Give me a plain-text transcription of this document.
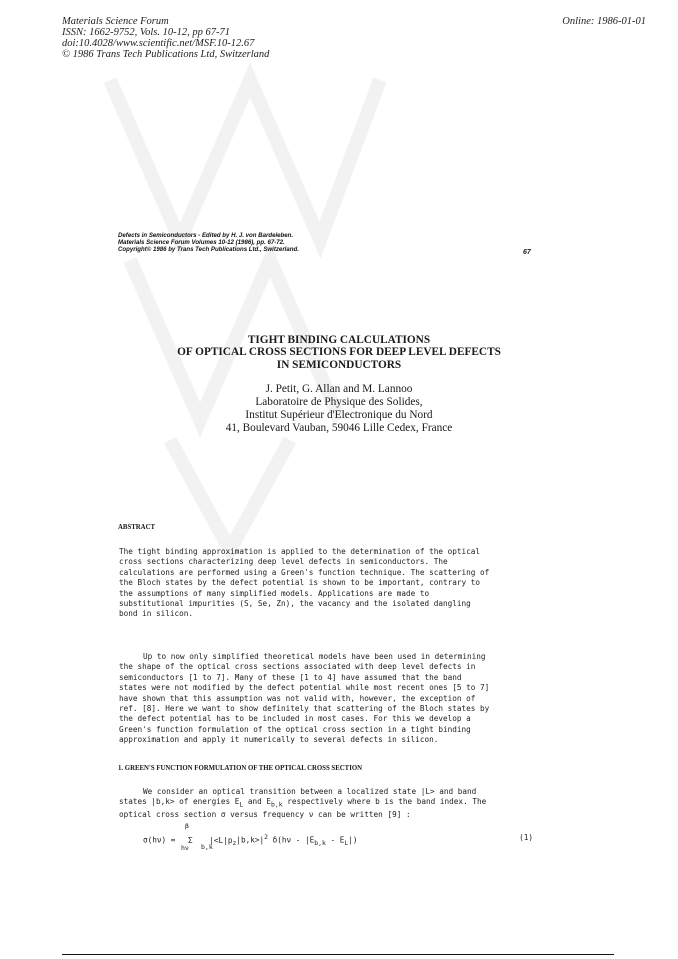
Materials Science Forum
ISSN: 1662-9752, Vols. 10-12, pp 67-71
doi:10.4028/www.scientific.net/MSF.10-12.67
© 1986 Trans Tech Publications Ltd, Switzerland
Online: 1986-01-01
Defects in Semiconductors - Edited by H. J. von Bardeleben.
Materials Science Forum Volumes 10-12 (1986), pp. 67-72.
Copyright© 1986 by Trans Tech Publications Ltd., Switzerland.	67
TIGHT BINDING CALCULATIONS
OF OPTICAL CROSS SECTIONS FOR DEEP LEVEL DEFECTS
IN SEMICONDUCTORS
J. Petit, G. Allan and M. Lannoo
Laboratoire de Physique des Solides,
Institut Supérieur d'Electronique du Nord
41, Boulevard Vauban, 59046 Lille Cedex, France
ABSTRACT
The tight binding approximation is applied to the determination of the optical
cross sections characterizing deep level defects in semiconductors. The
calculations are performed using a Green's function technique. The scattering of
the Bloch states by the defect potential is shown to be important, contrary to
the assumptions of many simplified models. Applications are made to
substitutional impurities (S, Se, Zn), the vacancy and the isolated dangling
bond in silicon.
Up to now only simplified theoretical models have been used in determining
the shape of the optical cross sections associated with deep level defects in
semiconductors [1 to 7]. Many of these [1 to 4] have assumed that the band
states were not modified by the defect potential while most recent ones [5 to 7]
have shown that this assumption was not valid with, however, the exception of
ref. [8]. Here we want to show definitely that scattering of the Bloch states by
the defect potential has to be included in most cases. For this we develop a
Green's function formulation of the optical cross section in a tight binding
approximation and apply it numerically to several defects in silicon.
1. GREEN'S FUNCTION FORMULATION OF THE OPTICAL CROSS SECTION
We consider an optical transition between a localized state |L> and band
states |b,k> of energies $E_L$ and $E_{b,k}$ respectively where b is the band index. The
optical cross section σ versus frequency ν can be written [9] :
β
σ(hν) = Σ $|<L|p_z|b,k>|^2$ $\delta(h\nu - |E_{b,k} - E_L|)$
hν b,k
(1)
